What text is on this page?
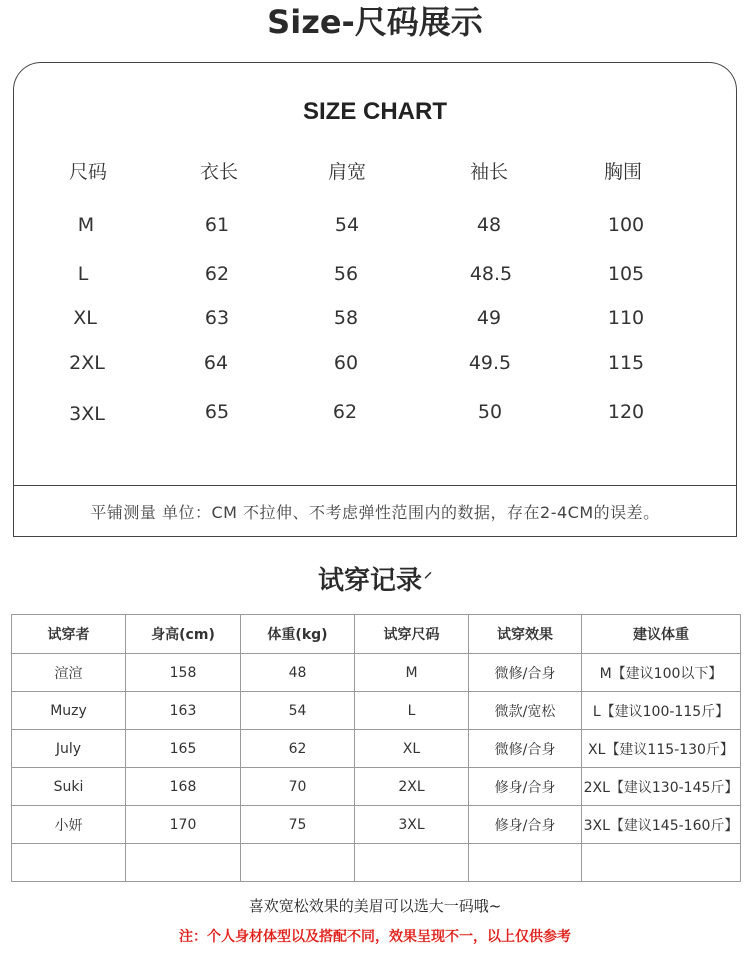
Size-尺码展示
SIZE CHART
尺码	衣长	肩宽	袖长	胸围
M	61	54	48	100
L	62	56	48.5	105
XL	63	58	49	110
2XL	64	60	49.5	115
3XL	65	62	50	120
平铺测量 单位：CM 不拉伸、不考虑弹性范围内的数据，存在2-4CM的误差。
试穿记录 ⸝
试穿者	身高(cm)	体重(kg)	试穿尺码	试穿效果	建议体重
渲渲	158	48	M	微修/合身	M【建议100以下】
Muzy	163	54	L	微款/宽松	L【建议100-115斤】
July	165	62	XL	微修/合身	XL【建议115-130斤】
Suki	168	70	2XL	修身/合身	2XL【建议130-145斤】
小妍	170	75	3XL	修身/合身	3XL【建议145-160斤】

喜欢宽松效果的美眉可以选大一码哦~
注：个人身材体型以及搭配不同，效果呈现不一，以上仅供参考
